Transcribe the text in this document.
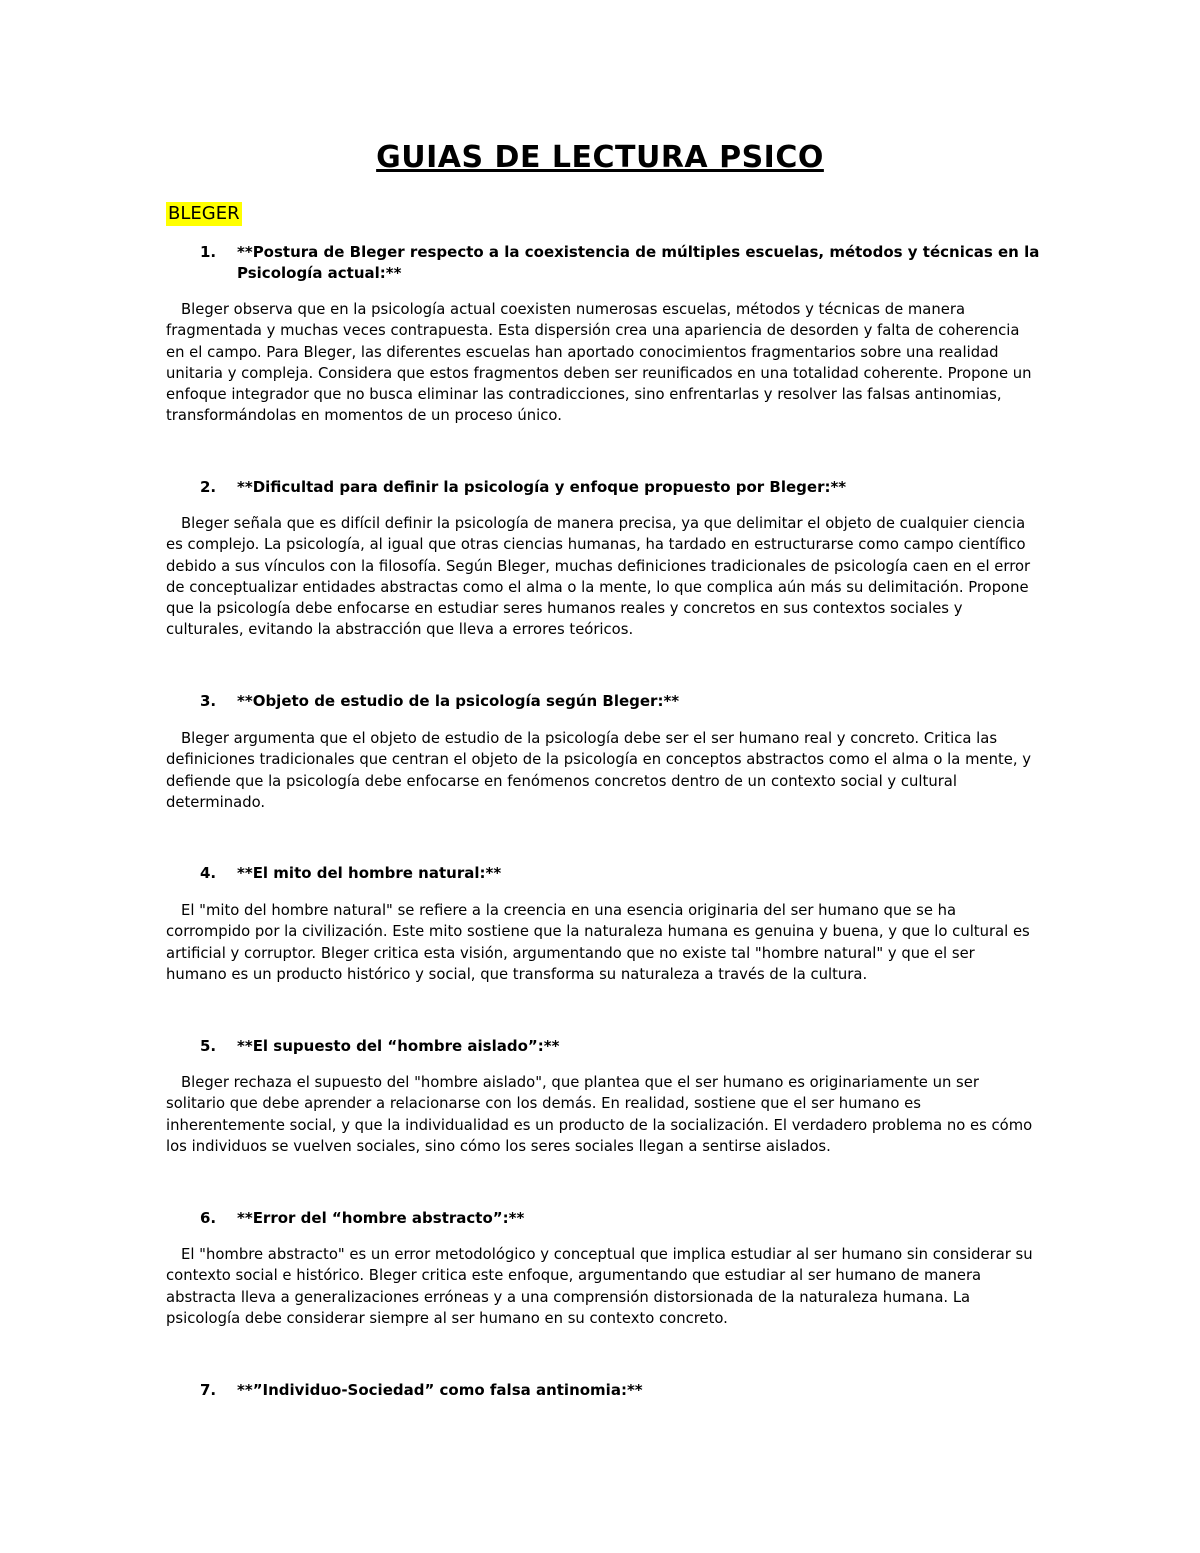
GUIAS DE LECTURA PSICO
BLEGER
1.	**Postura de Bleger respecto a la coexistencia de múltiples escuelas, métodos y técnicas en la Psicología actual:**

Bleger observa que en la psicología actual coexisten numerosas escuelas, métodos y técnicas de manera fragmentada y muchas veces contrapuesta. Esta dispersión crea una apariencia de desorden y falta de coherencia en el campo. Para Bleger, las diferentes escuelas han aportado conocimientos fragmentarios sobre una realidad unitaria y compleja. Considera que estos fragmentos deben ser reunificados en una totalidad coherente. Propone un enfoque integrador que no busca eliminar las contradicciones, sino enfrentarlas y resolver las falsas antinomias, transformándolas en momentos de un proceso único.

2.	**Dificultad para definir la psicología y enfoque propuesto por Bleger:**

Bleger señala que es difícil definir la psicología de manera precisa, ya que delimitar el objeto de cualquier ciencia es complejo. La psicología, al igual que otras ciencias humanas, ha tardado en estructurarse como campo científico debido a sus vínculos con la filosofía. Según Bleger, muchas definiciones tradicionales de psicología caen en el error de conceptualizar entidades abstractas como el alma o la mente, lo que complica aún más su delimitación. Propone que la psicología debe enfocarse en estudiar seres humanos reales y concretos en sus contextos sociales y culturales, evitando la abstracción que lleva a errores teóricos.

3.	**Objeto de estudio de la psicología según Bleger:**

Bleger argumenta que el objeto de estudio de la psicología debe ser el ser humano real y concreto. Critica las definiciones tradicionales que centran el objeto de la psicología en conceptos abstractos como el alma o la mente, y defiende que la psicología debe enfocarse en fenómenos concretos dentro de un contexto social y cultural determinado.

4.	**El mito del hombre natural:**

El "mito del hombre natural" se refiere a la creencia en una esencia originaria del ser humano que se ha corrompido por la civilización. Este mito sostiene que la naturaleza humana es genuina y buena, y que lo cultural es artificial y corruptor. Bleger critica esta visión, argumentando que no existe tal "hombre natural" y que el ser humano es un producto histórico y social, que transforma su naturaleza a través de la cultura.

5.	**El supuesto del “hombre aislado”:**

Bleger rechaza el supuesto del "hombre aislado", que plantea que el ser humano es originariamente un ser solitario que debe aprender a relacionarse con los demás. En realidad, sostiene que el ser humano es inherentemente social, y que la individualidad es un producto de la socialización. El verdadero problema no es cómo los individuos se vuelven sociales, sino cómo los seres sociales llegan a sentirse aislados.

6.	**Error del “hombre abstracto”:**

El "hombre abstracto" es un error metodológico y conceptual que implica estudiar al ser humano sin considerar su contexto social e histórico. Bleger critica este enfoque, argumentando que estudiar al ser humano de manera abstracta lleva a generalizaciones erróneas y a una comprensión distorsionada de la naturaleza humana. La psicología debe considerar siempre al ser humano en su contexto concreto.

7.	**”Individuo-Sociedad” como falsa antinomia:**
